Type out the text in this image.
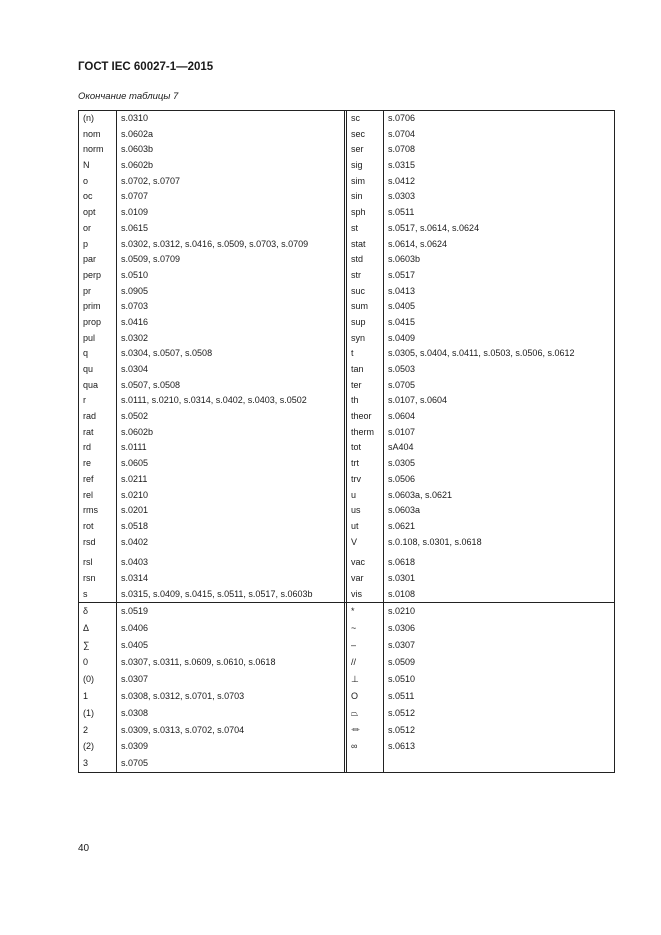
ГОСТ IEC 60027-1—2015
Окончание таблицы 7
(n)	s.0310
nom	s.0602a
norm	s.0603b
N	s.0602b
o	s.0702, s.0707
oc	s.0707
opt	s.0109
or	s.0615
p	s.0302, s.0312, s.0416, s.0509, s.0703, s.0709
par	s.0509, s.0709
perp	s.0510
pr	s.0905
prim	s.0703
prop	s.0416
pul	s.0302
q	s.0304, s.0507, s.0508
qu	s.0304
qua	s.0507, s.0508
r	s.0111, s.0210, s.0314, s.0402, s.0403, s.0502
rad	s.0502
rat	s.0602b
rd	s.0111
re	s.0605
ref	s.0211
rel	s.0210
rms	s.0201
rot	s.0518
rsd	s.0402
rsl	s.0403
rsn	s.0314
s	s.0315, s.0409, s.0415, s.0511, s.0517, s.0603b
sc	s.0706
sec	s.0704
ser	s.0708
sig	s.0315
sim	s.0412
sin	s.0303
sph	s.0511
st	s.0517, s.0614, s.0624
stat	s.0614, s.0624
std	s.0603b
str	s.0517
suc	s.0413
sum	s.0405
sup	s.0415
syn	s.0409
t	s.0305, s.0404, s.0411, s.0503, s.0506, s.0612
tan	s.0503
ter	s.0705
th	s.0107, s.0604
theor	s.0604
therm	s.0107
tot	sA404
trt	s.0305
trv	s.0506
u	s.0603a, s.0621
us	s.0603a
ut	s.0621
V	s.0.108, s.0301, s.0618
vac	s.0618
var	s.0301
vis	s.0108
δ	s.0519
Δ	s.0406
∑	s.0405
0	s.0307, s.0311, s.0609, s.0610, s.0618
(0)	s.0307
1	s.0308, s.0312, s.0701, s.0703
(1)	s.0308
2	s.0309, s.0313, s.0702, s.0704
(2)	s.0309
3	s.0705
*	s.0210
~	s.0306
–	s.0307
//	s.0509
⊥	s.0510
O	s.0511
⏢	s.0512
⏛	s.0512
∞	s.0613
40
